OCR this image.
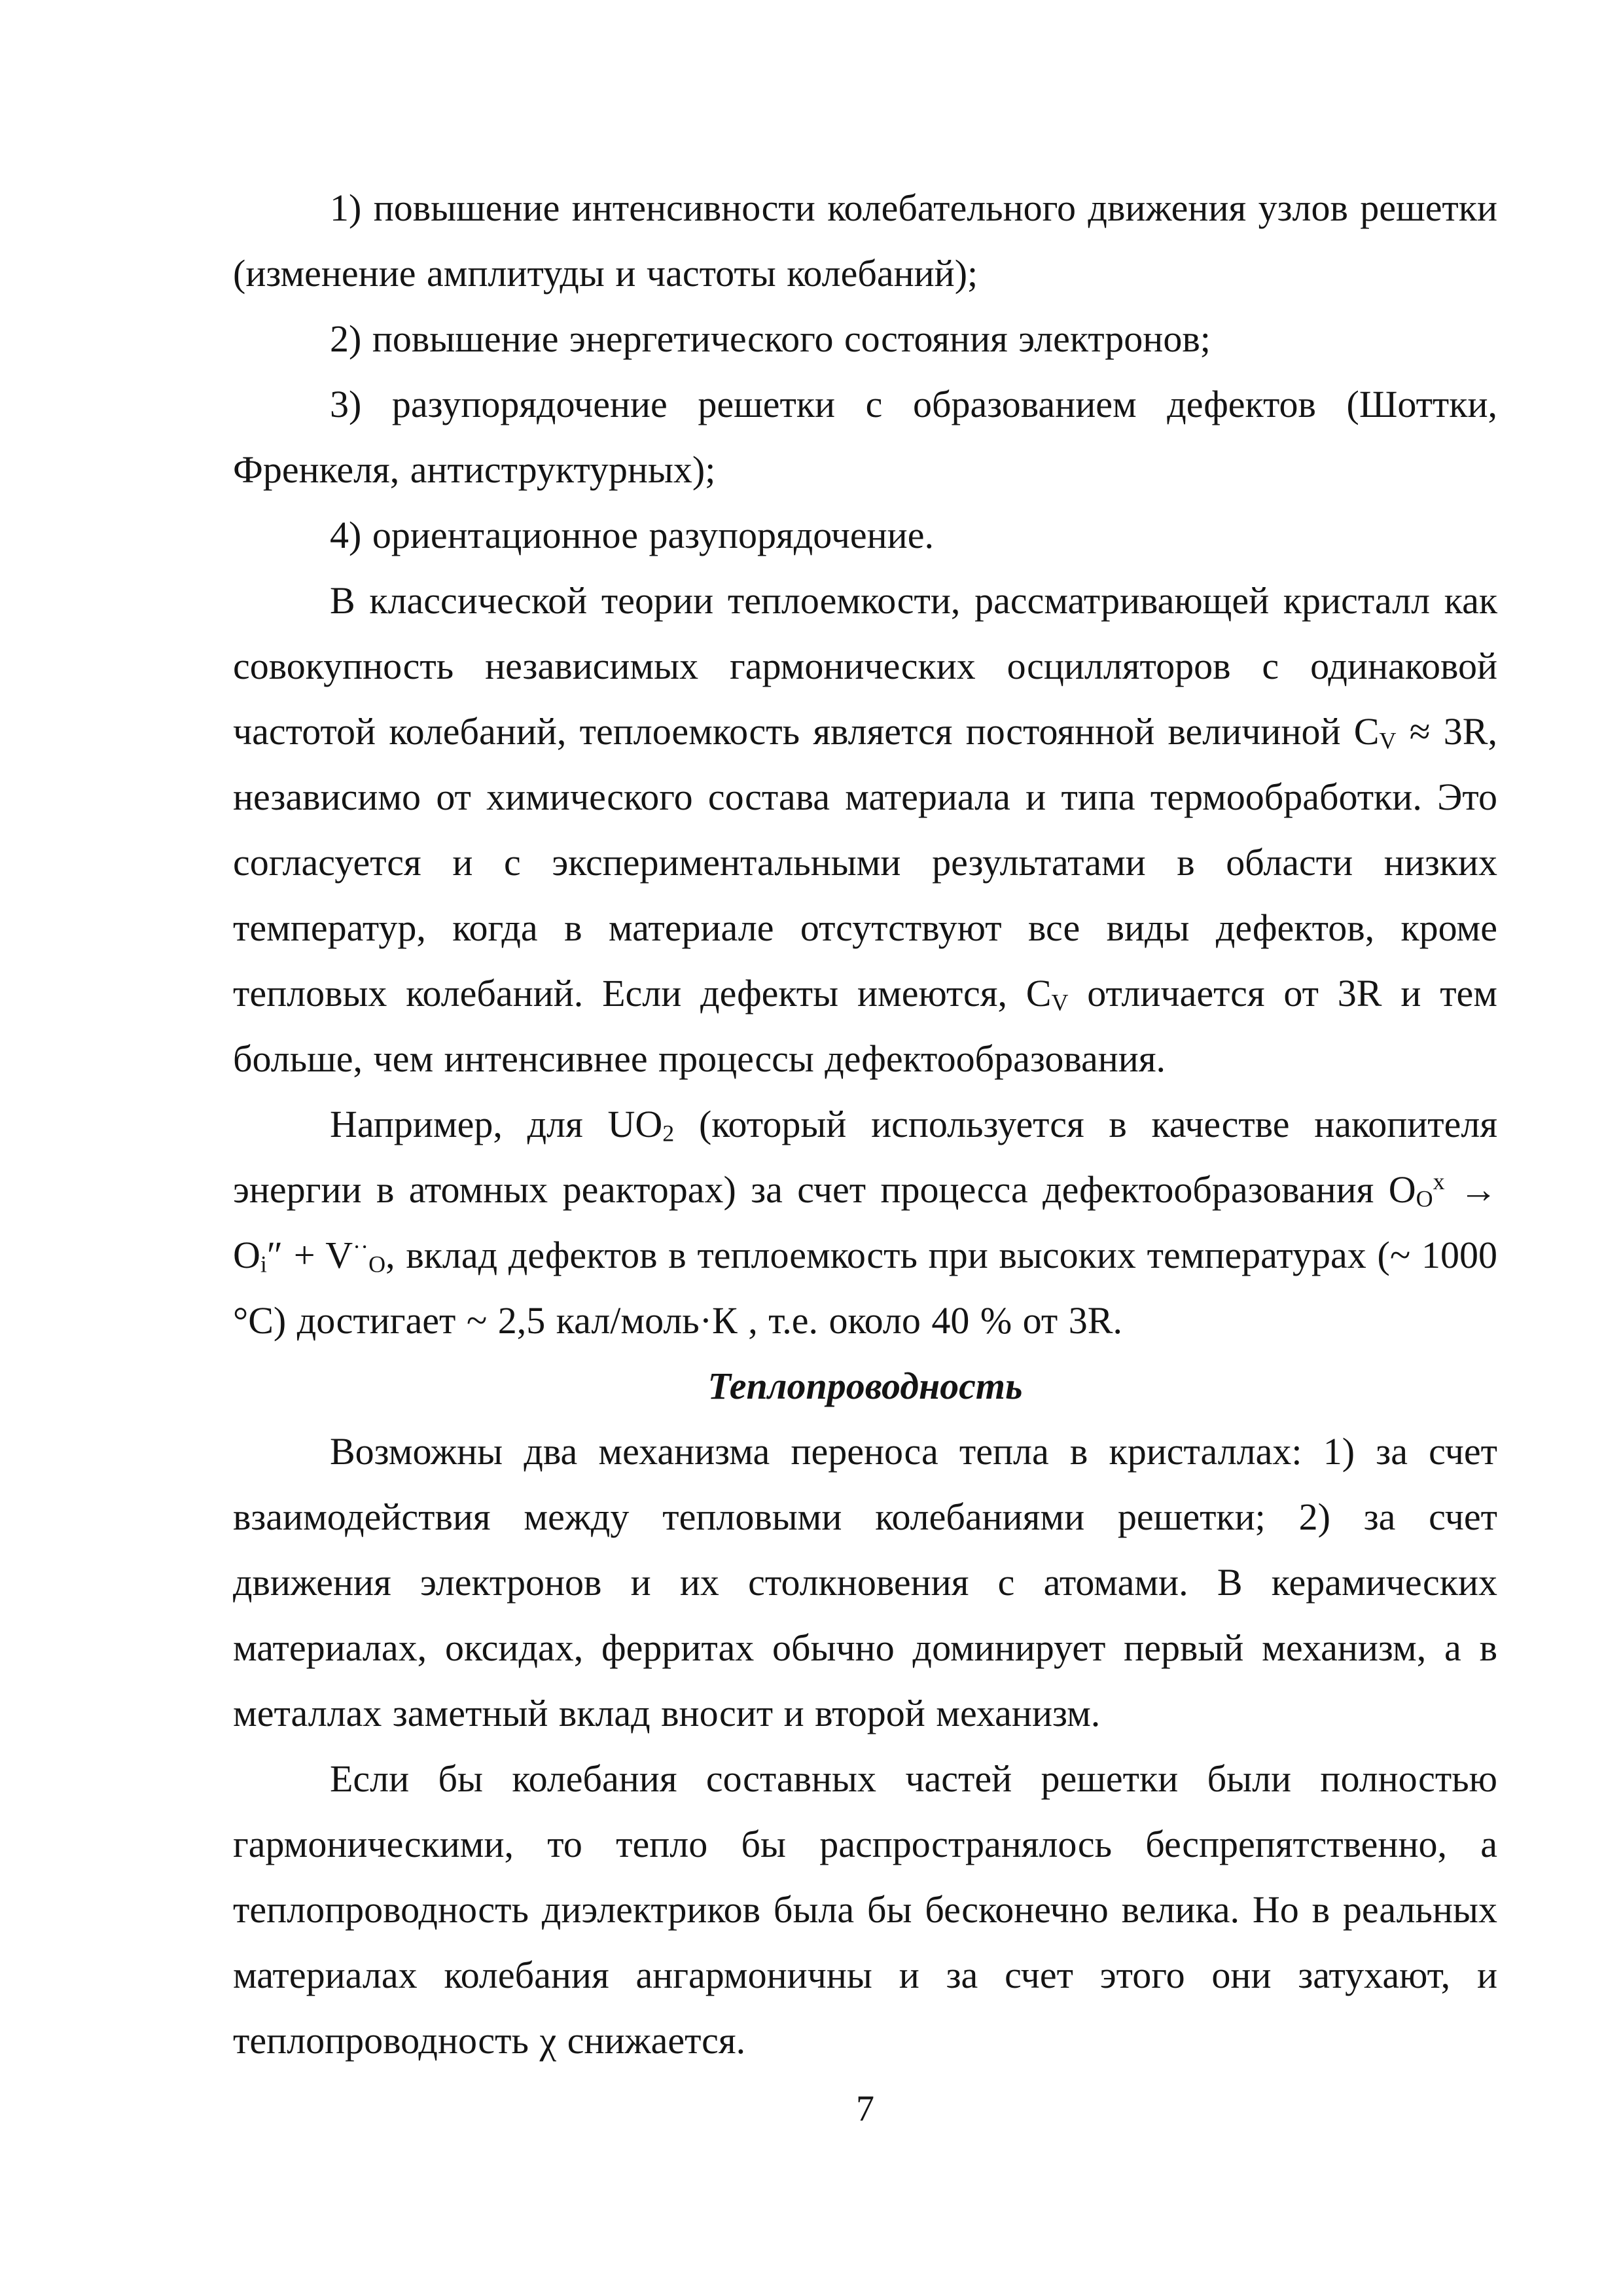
1) повышение интенсивности колебательного движения узлов решетки (изменение амплитуды и частоты колебаний);

2) повышение энергетического состояния электронов;

3) разупорядочение решетки с образованием дефектов (Шоттки, Френкеля, антиструктурных);

4) ориентационное разупорядочение.

В классической теории теплоемкости, рассматривающей кристалл как совокупность независимых гармонических осцилляторов с одинаковой частотой колебаний, теплоемкость является постоянной величиной $C_V \approx 3R$, независимо от химического состава материала и типа термообработки. Это согласуется и с экспериментальными результатами в области низких температур, когда в материале отсутствуют все виды дефектов, кроме тепловых колебаний. Если дефекты имеются, $C_V$ отличается от 3R и тем больше, чем интенсивнее процессы дефектообразования.

Например, для $UO_2$ (который используется в качестве накопителя энергии в атомных реакторах) за счет процесса дефектообразования $O_O^x \to O_i'' + V^{\cdot\cdot}_O$, вклад дефектов в теплоемкость при высоких температурах (~ 1000 °С) достигает ~ 2,5 кал/моль·К , т.е. около 40 % от 3R.

Теплопроводность

Возможны два механизма переноса тепла в кристаллах: 1) за счет взаимодействия между тепловыми колебаниями решетки; 2) за счет движения электронов и их столкновения с атомами. В керамических материалах, оксидах, ферритах обычно доминирует первый механизм, а в металлах заметный вклад вносит и второй механизм.

Если бы колебания составных частей решетки были полностью гармоническими, то тепло бы распространялось беспрепятственно, а теплопроводность диэлектриков была бы бесконечно велика. Но в реальных материалах колебания ангармоничны и за счет этого они затухают, и теплопроводность χ снижается.

7
